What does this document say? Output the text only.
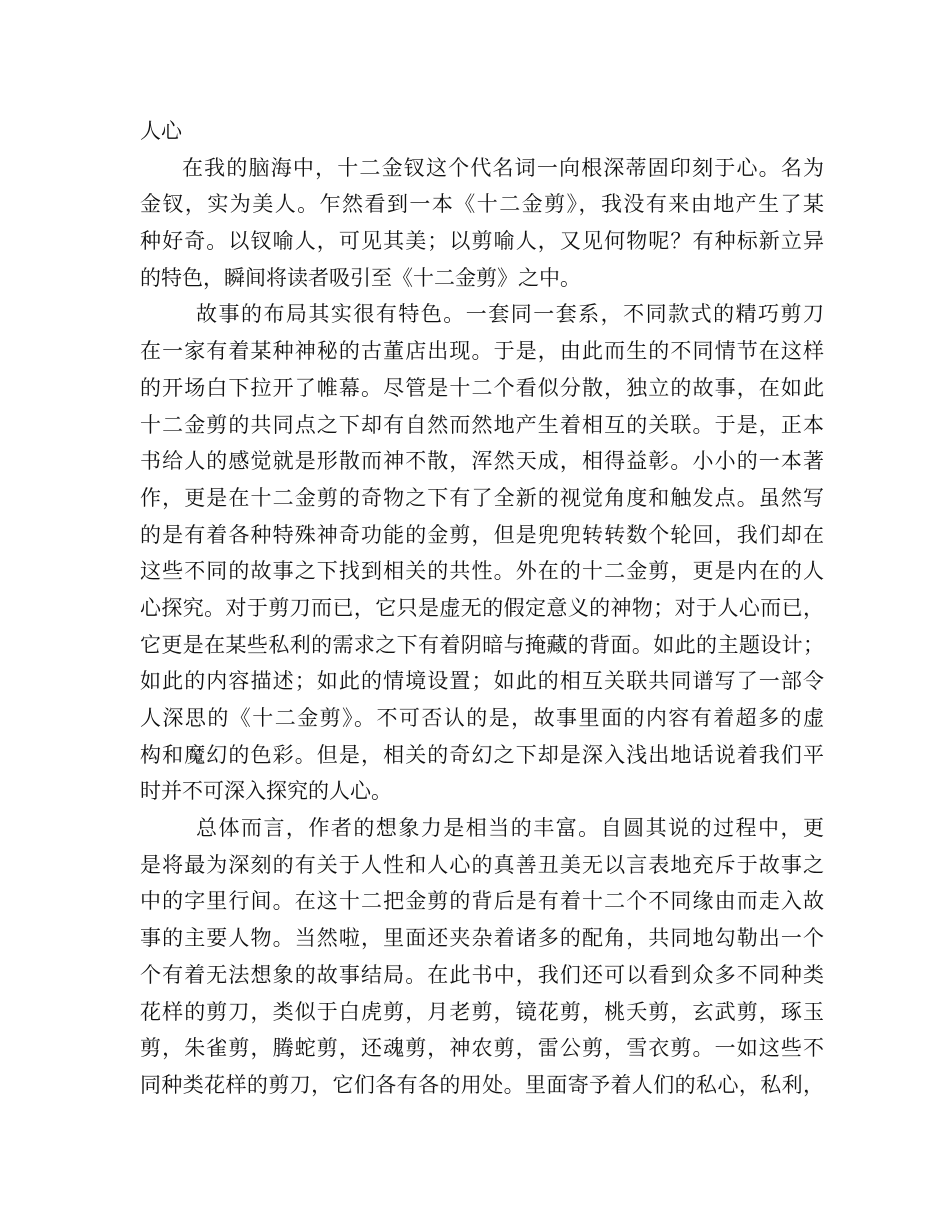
人心
在我的脑海中，十二金钗这个代名词一向根深蒂固印刻于心。名为
金钗，实为美人。乍然看到一本《十二金剪》，我没有来由地产生了某
种好奇。以钗喻人，可见其美；以剪喻人，又见何物呢？有种标新立异
的特色，瞬间将读者吸引至《十二金剪》之中。
故事的布局其实很有特色。一套同一套系，不同款式的精巧剪刀
在一家有着某种神秘的古董店出现。于是，由此而生的不同情节在这样
的开场白下拉开了帷幕。尽管是十二个看似分散，独立的故事，在如此
十二金剪的共同点之下却有自然而然地产生着相互的关联。于是，正本
书给人的感觉就是形散而神不散，浑然天成，相得益彰。小小的一本著
作，更是在十二金剪的奇物之下有了全新的视觉角度和触发点。虽然写
的是有着各种特殊神奇功能的金剪，但是兜兜转转数个轮回，我们却在
这些不同的故事之下找到相关的共性。外在的十二金剪，更是内在的人
心探究。对于剪刀而已，它只是虚无的假定意义的神物；对于人心而已，
它更是在某些私利的需求之下有着阴暗与掩藏的背面。如此的主题设计；
如此的内容描述；如此的情境设置；如此的相互关联共同谱写了一部令
人深思的《十二金剪》。不可否认的是，故事里面的内容有着超多的虚
构和魔幻的色彩。但是，相关的奇幻之下却是深入浅出地话说着我们平
时并不可深入探究的人心。
总体而言，作者的想象力是相当的丰富。自圆其说的过程中，更
是将最为深刻的有关于人性和人心的真善丑美无以言表地充斥于故事之
中的字里行间。在这十二把金剪的背后是有着十二个不同缘由而走入故
事的主要人物。当然啦，里面还夹杂着诸多的配角，共同地勾勒出一个
个有着无法想象的故事结局。在此书中，我们还可以看到众多不同种类
花样的剪刀，类似于白虎剪，月老剪，镜花剪，桃夭剪，玄武剪，琢玉
剪，朱雀剪，腾蛇剪，还魂剪，神农剪，雷公剪，雪衣剪。一如这些不
同种类花样的剪刀，它们各有各的用处。里面寄予着人们的私心，私利，
